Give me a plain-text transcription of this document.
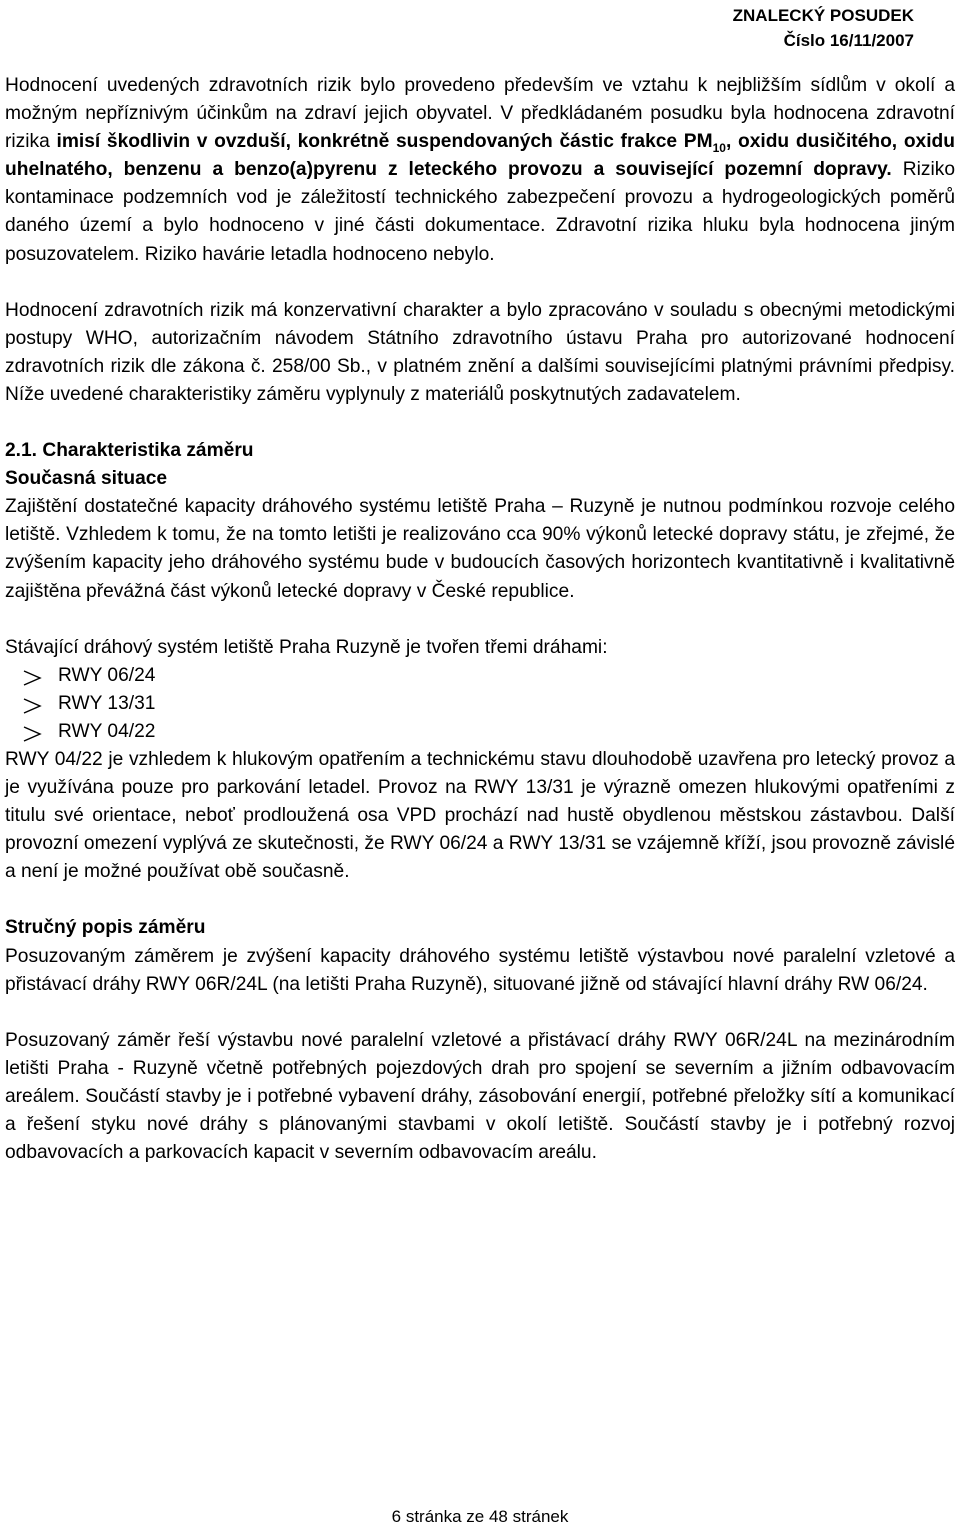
ZNALECKÝ POSUDEK
Číslo 16/11/2007

Hodnocení uvedených zdravotních rizik bylo provedeno především ve vztahu k nejbližším sídlům v okolí a možným nepříznivým účinkům na zdraví jejich obyvatel. V předkládaném posudku byla hodnocena zdravotní rizika imisí škodlivin v ovzduší, konkrétně suspendovaných částic frakce $PM_{10}$, oxidu dusičitého, oxidu uhelnatého, benzenu a benzo(a)pyrenu z leteckého provozu a související pozemní dopravy. Riziko kontaminace podzemních vod je záležitostí technického zabezpečení provozu a hydrogeologických poměrů daného území a bylo hodnoceno v jiné části dokumentace. Zdravotní rizika hluku byla hodnocena jiným posuzovatelem. Riziko havárie letadla hodnoceno nebylo.

Hodnocení zdravotních rizik má konzervativní charakter a bylo zpracováno v souladu s obecnými metodickými postupy WHO, autorizačním návodem Státního zdravotního ústavu Praha pro autorizované hodnocení zdravotních rizik dle zákona č. 258/00 Sb., v platném znění a dalšími souvisejícími platnými právními předpisy. Níže uvedené charakteristiky záměru vyplynuly z materiálů poskytnutých zadavatelem.

2.1. Charakteristika záměru
Současná situace

Zajištění dostatečné kapacity dráhového systému letiště Praha – Ruzyně je nutnou podmínkou rozvoje celého letiště. Vzhledem k tomu, že na tomto letišti je realizováno cca 90% výkonů letecké dopravy státu, je zřejmé, že zvýšením kapacity jeho dráhového systému bude v budoucích časových horizontech kvantitativně i kvalitativně zajištěna převážná část výkonů letecké dopravy v České republice.

Stávající dráhový systém letiště Praha Ruzyně je tvořen třemi dráhami:

RWY 06/24
RWY 13/31
RWY 04/22

RWY 04/22 je vzhledem k hlukovým opatřením a technickému stavu dlouhodobě uzavřena pro letecký provoz a je využívána pouze pro parkování letadel. Provoz na RWY 13/31 je výrazně omezen hlukovými opatřeními z titulu své orientace, neboť prodloužená osa VPD prochází nad hustě obydlenou městskou zástavbou. Další provozní omezení vyplývá ze skutečnosti, že RWY 06/24 a RWY 13/31 se vzájemně kříží, jsou provozně závislé a není je možné používat obě současně.

Stručný popis záměru

Posuzovaným záměrem je zvýšení kapacity dráhového systému letiště výstavbou nové paralelní vzletové a přistávací dráhy RWY 06R/24L (na letišti Praha Ruzyně), situované jižně od stávající hlavní dráhy RW 06/24.

Posuzovaný záměr řeší výstavbu nové paralelní vzletové a přistávací dráhy RWY 06R/24L na mezinárodním letišti Praha - Ruzyně včetně potřebných pojezdových drah pro spojení se severním a jižním odbavovacím areálem. Součástí stavby je i potřebné vybavení dráhy, zásobování energií, potřebné přeložky sítí a komunikací a řešení styku nové dráhy s plánovanými stavbami v okolí letiště. Součástí stavby je i potřebný rozvoj odbavovacích a parkovacích kapacit v severním odbavovacím areálu.

6 stránka ze 48 stránek
